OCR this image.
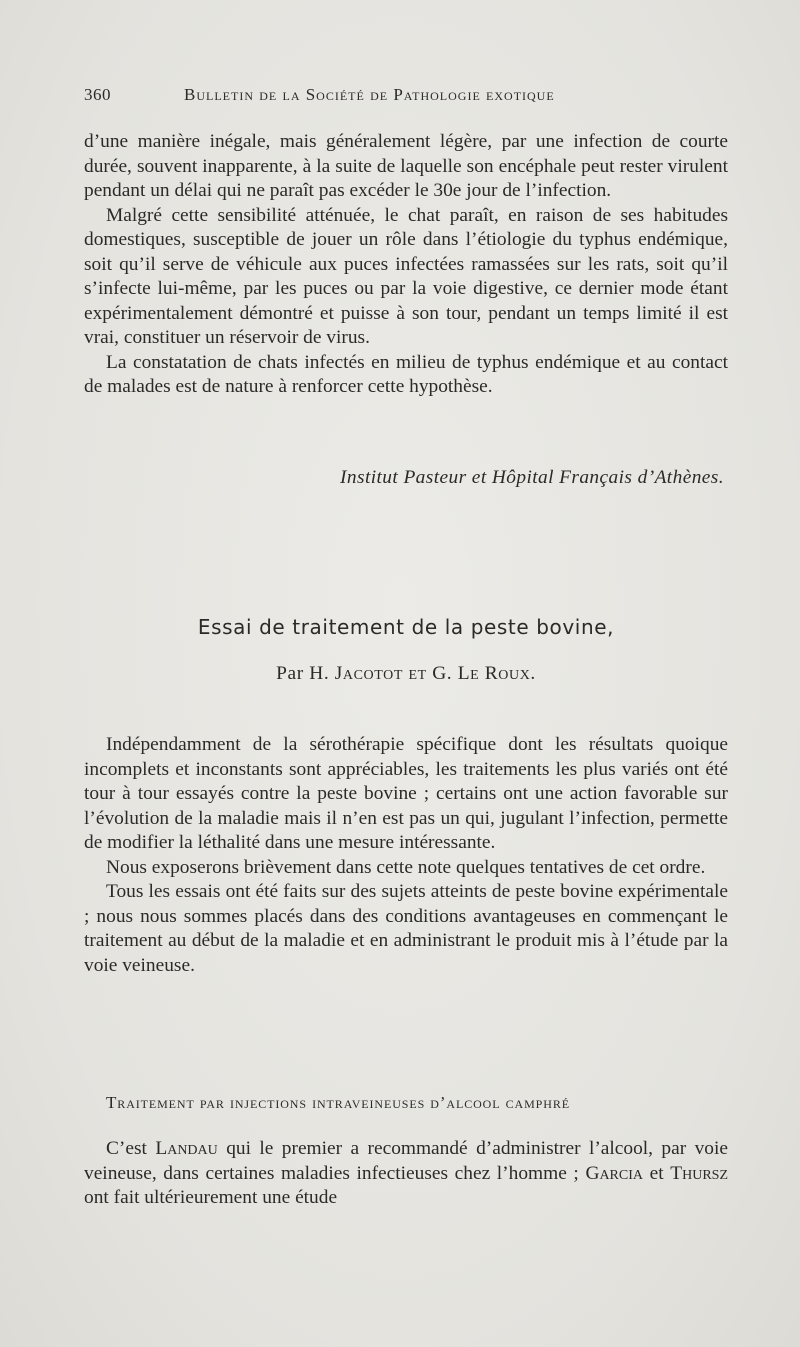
360	Bulletin de la Société de Pathologie exotique

d’une manière inégale, mais généralement légère, par une infection de courte durée, souvent inapparente, à la suite de laquelle son encéphale peut rester virulent pendant un délai qui ne paraît pas excéder le 30e jour de l’infection.

Malgré cette sensibilité atténuée, le chat paraît, en raison de ses habitudes domestiques, susceptible de jouer un rôle dans l’étiologie du typhus endémique, soit qu’il serve de véhicule aux puces infectées ramassées sur les rats, soit qu’il s’infecte lui-même, par les puces ou par la voie digestive, ce dernier mode étant expérimentalement démontré et puisse à son tour, pendant un temps limité il est vrai, constituer un réservoir de virus.

La constatation de chats infectés en milieu de typhus endémique et au contact de malades est de nature à renforcer cette hypothèse.

Institut Pasteur et Hôpital Français d’Athènes.
Essai de traitement de la peste bovine,
Par H. Jacotot et G. Le Roux.

Indépendamment de la sérothérapie spécifique dont les résultats quoique incomplets et inconstants sont appréciables, les traitements les plus variés ont été tour à tour essayés contre la peste bovine ; certains ont une action favorable sur l’évolution de la maladie mais il n’en est pas un qui, jugulant l’infection, permette de modifier la léthalité dans une mesure intéressante.

Nous exposerons brièvement dans cette note quelques tentatives de cet ordre.

Tous les essais ont été faits sur des sujets atteints de peste bovine expérimentale ; nous nous sommes placés dans des conditions avantageuses en commençant le traitement au début de la maladie et en administrant le produit mis à l’étude par la voie veineuse.

Traitement par injections intraveineuses d’alcool camphré

C’est Landau qui le premier a recommandé d’administrer l’alcool, par voie veineuse, dans certaines maladies infectieuses chez l’homme ; Garcia et Thursz ont fait ultérieurement une étude
